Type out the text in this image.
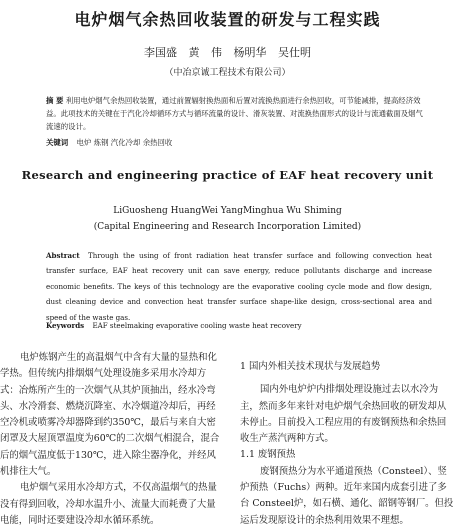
电炉烟气余热回收装置的研发与工程实践
李国盛 黄 伟 杨明华 吴仕明
（中冶京诚工程技术有限公司）
摘 要 利用电炉烟气余热回收装置，通过前置辐射换热面和后置对流换热面进行余热回收，可节能减排，提高经济效益。此项技术的关键在于汽化冷却循环方式与循环流量的设计、滑灰装置、对流换热面形式的设计与流通截面及烟气流速的设计。
关键词 电炉 炼钢 汽化冷却 余热回收
Research and engineering practice of EAF heat recovery unit
LiGuosheng HuangWei YangMinghua Wu Shiming
(Capital Engineering and Research Incorporation Limited)
Abstract Through the using of front radiation heat transfer surface and following convection heat transfer surface, EAF heat recovery unit can save energy, reduce pollutants discharge and increase economic benefits. The keys of this technology are the evaporative cooling cycle mode and flow design, dust cleaning device and convection heat transfer surface shape-like design, cross-sectional area and speed of the waste gas.
Keywords EAF steelmaking evaporative cooling waste heat recovery

电炉炼钢产生的高温烟气中含有大量的显热和化学热。但传统内排烟烟气处理设施多采用水冷却方式：冶炼所产生的一次烟气从其炉顶抽出，经水冷弯头、水冷滑套、燃烧沉降室、水冷烟道冷却后，再经空冷机或喷雾冷却器降到约350℃，最后与来自大密闭罩及大屋顶罩温度为60℃的二次烟气相混合，混合后的烟气温度低于130℃，进入除尘器净化，并经风机排往大气。

电炉烟气采用水冷却方式，不仅高温烟气的热量没有得到回收，冷却水温升小、流量大而耗费了大量电能，同时还要建设冷却水循环系统。

1 国内外相关技术现状与发展趋势

国内外电炉炉内排烟处理设施过去以水冷为主，然而多年来针对电炉烟气余热回收的研发却从未停止。目前投入工程应用的有废钢预热和余热回收生产蒸汽两种方式。

1.1 废钢预热

废钢预热分为水平通道预热（Consteel）、竖炉预热（Fuchs）两种。近年来国内成套引进了多台 Consteel炉，如石横、通化、韶钢等钢厂。但投运后发现原设计的余热利用效果不理想。
